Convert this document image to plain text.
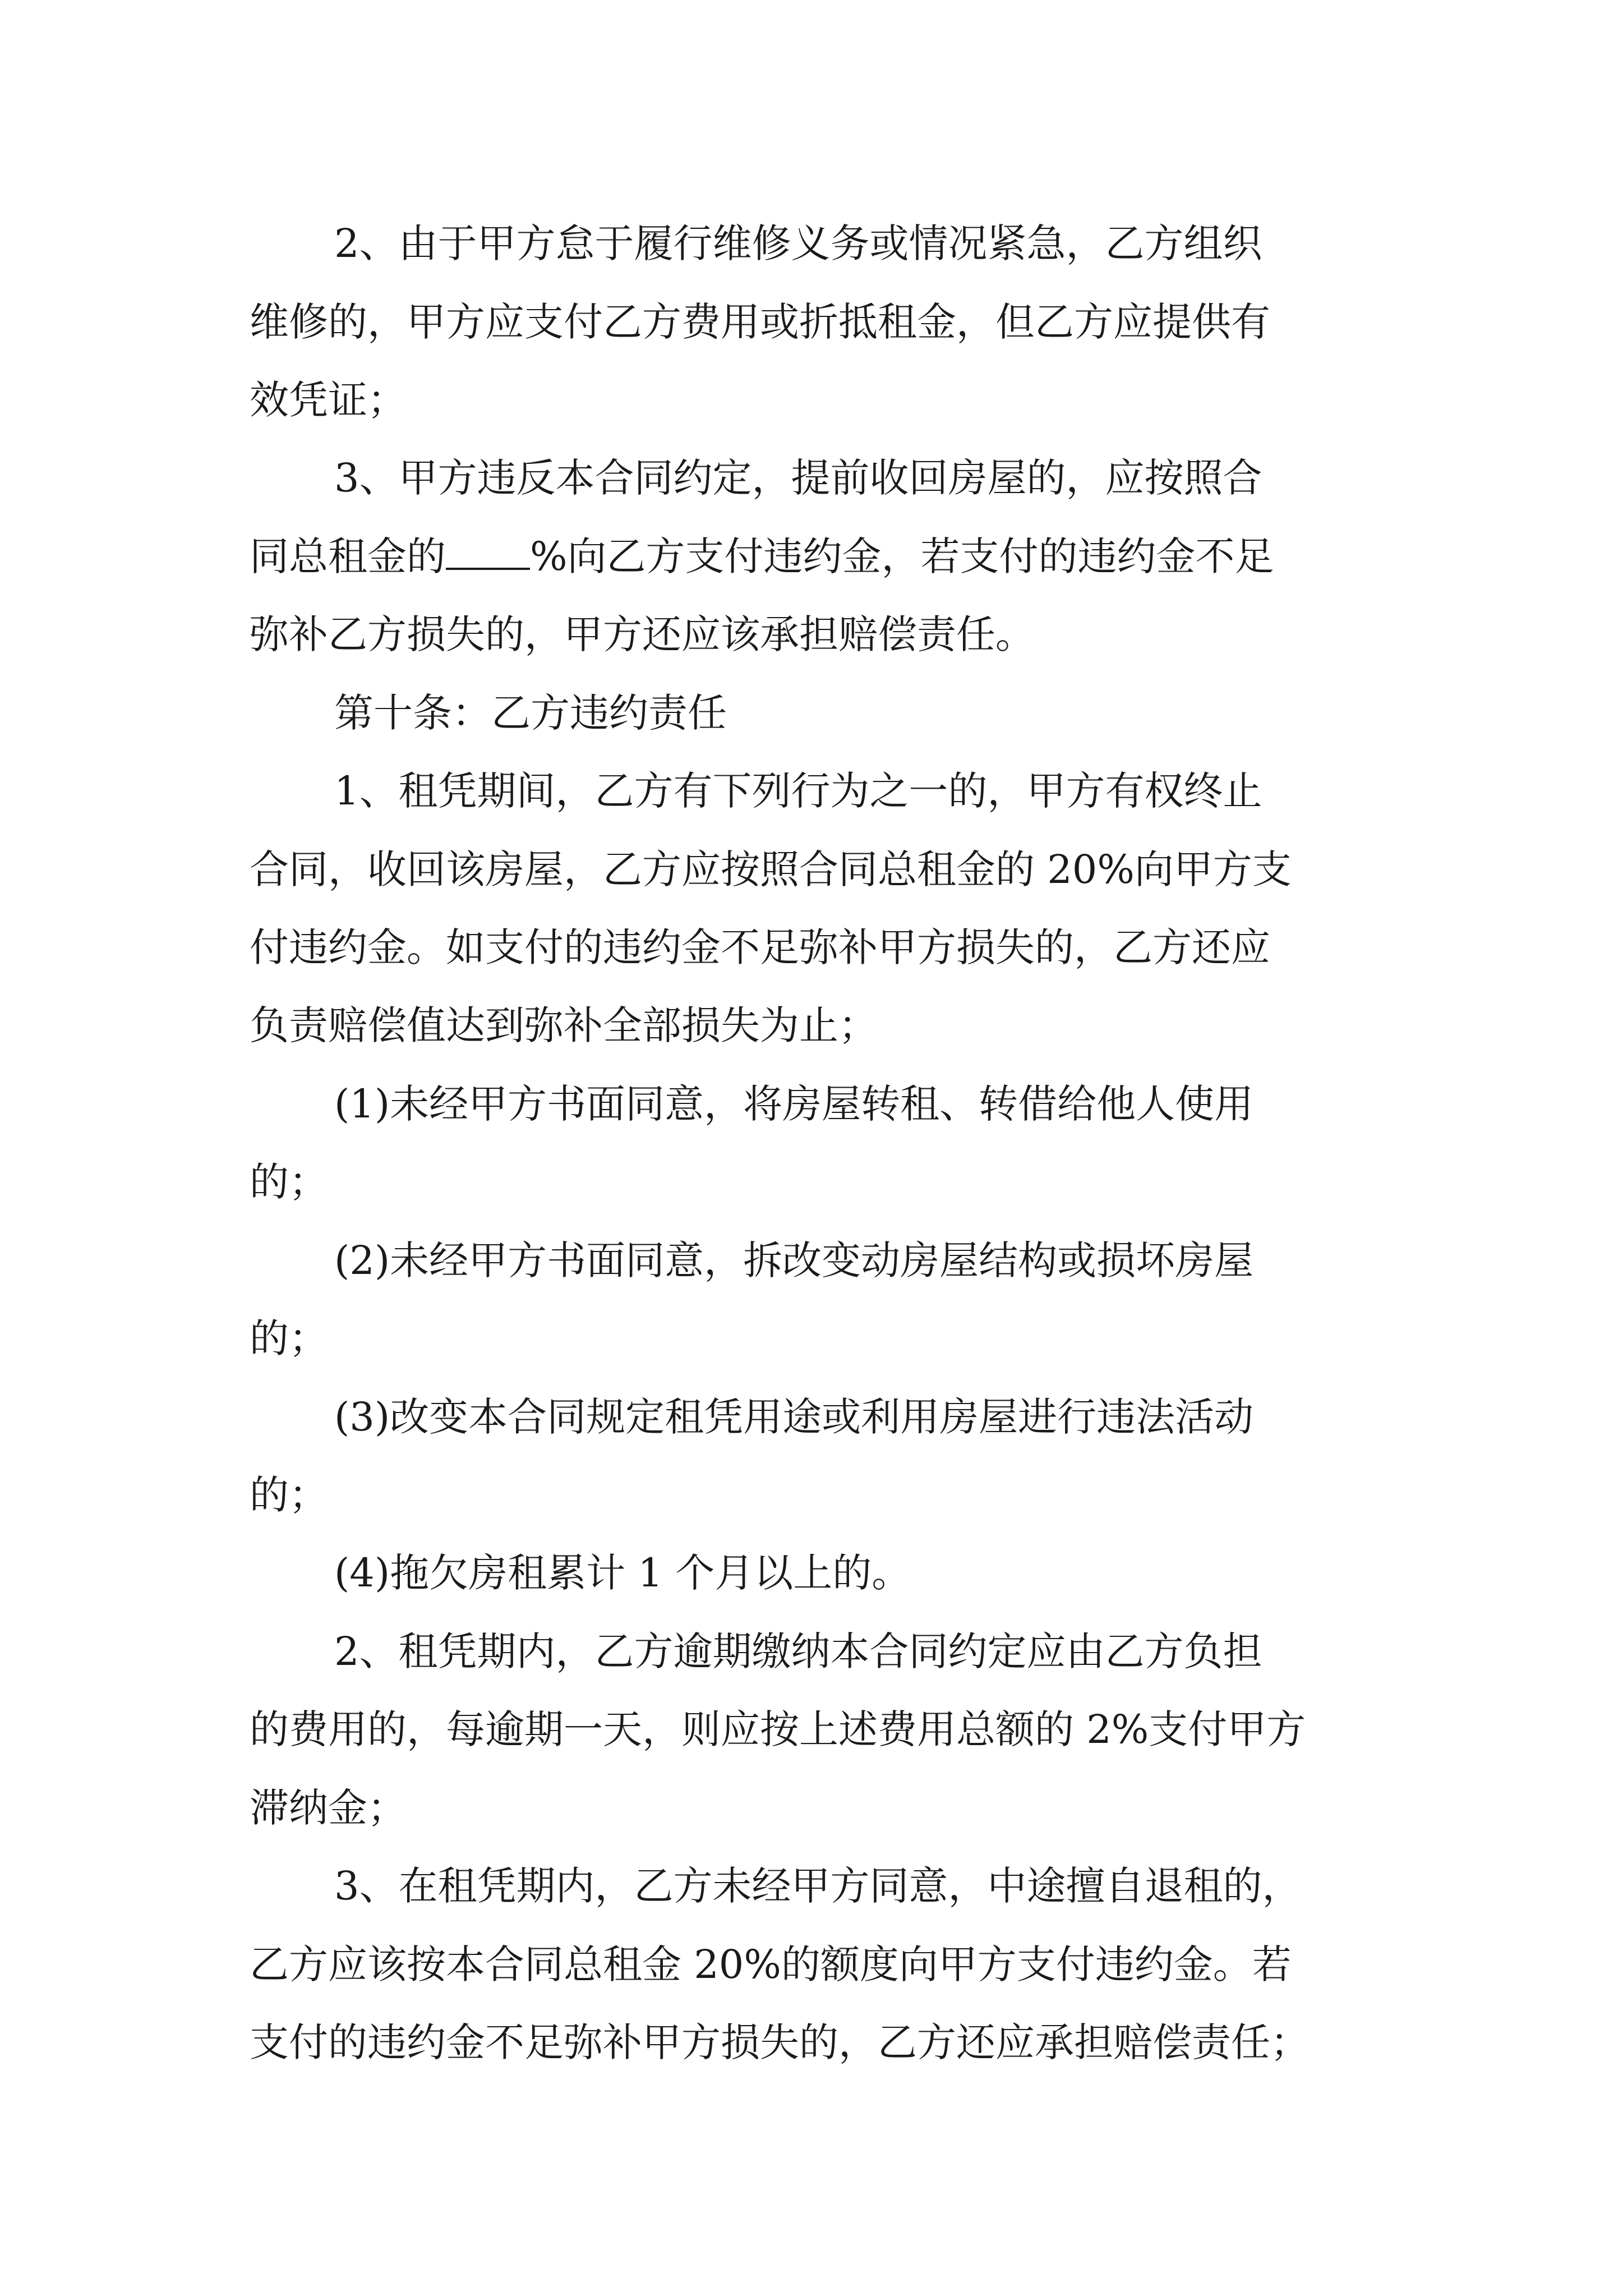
2、由于甲方怠于履行维修义务或情况紧急，乙方组织

维修的，甲方应支付乙方费用或折抵租金，但乙方应提供有

效凭证；

3、甲方违反本合同约定，提前收回房屋的，应按照合

同总租金的 %向乙方支付违约金，若支付的违约金不足

弥补乙方损失的，甲方还应该承担赔偿责任。

第十条：乙方违约责任

1、租凭期间，乙方有下列行为之一的，甲方有权终止

合同，收回该房屋，乙方应按照合同总租金的 20%向甲方支

付违约金。如支付的违约金不足弥补甲方损失的，乙方还应

负责赔偿值达到弥补全部损失为止；

(1)未经甲方书面同意，将房屋转租、转借给他人使用

的；

(2)未经甲方书面同意，拆改变动房屋结构或损坏房屋

的；

(3)改变本合同规定租凭用途或利用房屋进行违法活动

的；

(4)拖欠房租累计 1 个月以上的。

2、租凭期内，乙方逾期缴纳本合同约定应由乙方负担

的费用的，每逾期一天，则应按上述费用总额的 2%支付甲方

滞纳金；

3、在租凭期内，乙方未经甲方同意，中途擅自退租的，

乙方应该按本合同总租金 20%的额度向甲方支付违约金。若

支付的违约金不足弥补甲方损失的，乙方还应承担赔偿责任；
